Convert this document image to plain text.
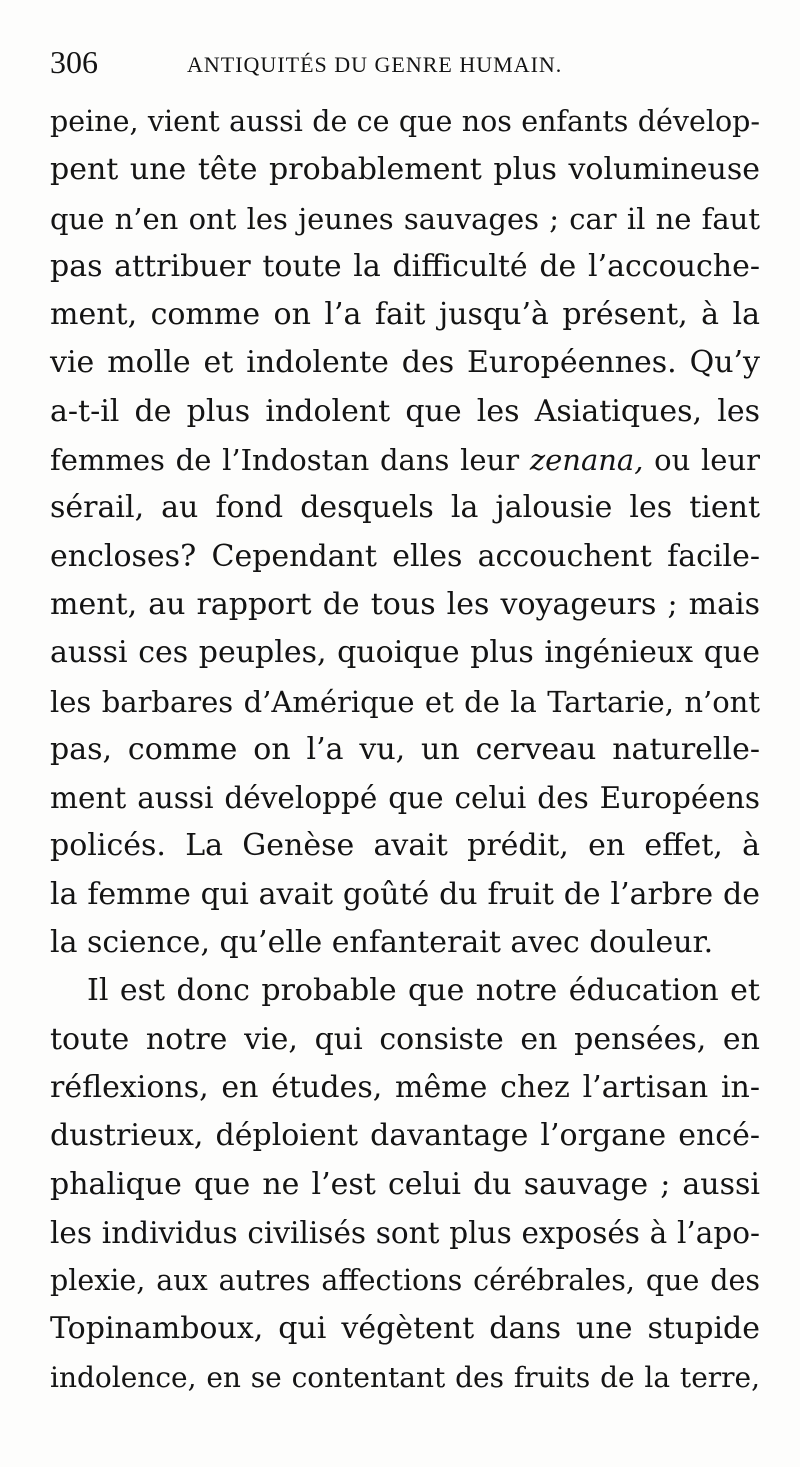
306	ANTIQUITÉS DU GENRE HUMAIN.
peine, vient aussi de ce que nos enfants dévelop-
pent une tête probablement plus volumineuse
que n’en ont les jeunes sauvages ; car il ne faut
pas attribuer toute la difficulté de l’accouche-
ment, comme on l’a fait jusqu’à présent, à la
vie molle et indolente des Européennes. Qu’y
a-t-il de plus indolent que les Asiatiques, les
femmes de l’Indostan dans leur zenana, ou leur
sérail, au fond desquels la jalousie les tient
encloses? Cependant elles accouchent facile-
ment, au rapport de tous les voyageurs ; mais
aussi ces peuples, quoique plus ingénieux que
les barbares d’Amérique et de la Tartarie, n’ont
pas, comme on l’a vu, un cerveau naturelle-
ment aussi développé que celui des Européens
policés. La Genèse avait prédit, en effet, à
la femme qui avait goûté du fruit de l’arbre de
la science, qu’elle enfanterait avec douleur.
Il est donc probable que notre éducation et
toute notre vie, qui consiste en pensées, en
réflexions, en études, même chez l’artisan in-
dustrieux, déploient davantage l’organe encé-
phalique que ne l’est celui du sauvage ; aussi
les individus civilisés sont plus exposés à l’apo-
plexie, aux autres affections cérébrales, que des
Topinamboux, qui végètent dans une stupide
indolence, en se contentant des fruits de la terre,
